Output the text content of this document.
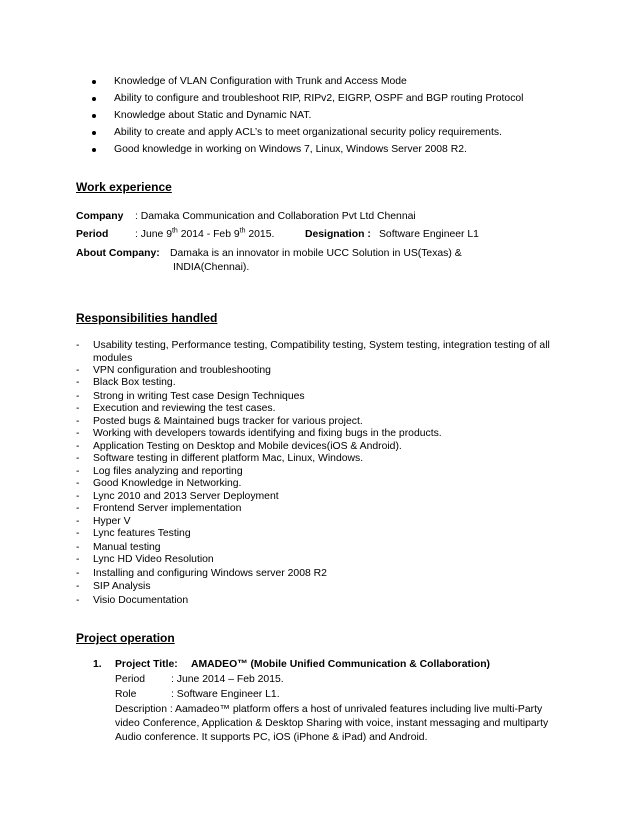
Knowledge of VLAN Configuration with Trunk and Access Mode
Ability to configure and troubleshoot RIP, RIPv2, EIGRP, OSPF and BGP routing Protocol
Knowledge about Static and Dynamic NAT.
Ability to create and apply ACL’s to meet organizational security policy requirements.
Good knowledge in working on Windows 7, Linux, Windows Server 2008 R2.
Work experience
Company : Damaka Communication and Collaboration Pvt Ltd Chennai
Period	: June 9th 2014 - Feb 9th 2015.	Designation : Software Engineer L1
About Company: Damaka is an innovator in mobile UCC Solution in US(Texas) &
INDIA(Chennai).
Responsibilities handled
- Usability testing, Performance testing, Compatibility testing, System testing, integration testing of all modules
- VPN configuration and troubleshooting
- Black Box testing.
- Strong in writing Test case Design Techniques
- Execution and reviewing the test cases.
- Posted bugs & Maintained bugs tracker for various project.
- Working with developers towards identifying and fixing bugs in the products.
- Application Testing on Desktop and Mobile devices(iOS & Android).
- Software testing in different platform Mac, Linux, Windows.
- Log files analyzing and reporting
- Good Knowledge in Networking.
- Lync 2010 and 2013 Server Deployment
- Frontend Server implementation
- Hyper V
- Lync features Testing
- Manual testing
- Lync HD Video Resolution
- Installing and configuring Windows server 2008 R2
- SIP Analysis
- Visio Documentation
Project operation
1. Project Title: AMADEO™ (Mobile Unified Communication & Collaboration)
Period : June 2014 – Feb 2015.
Role	: Software Engineer L1.
Description : Aamadeo™ platform offers a host of unrivaled features including live multi-Party
video Conference, Application & Desktop Sharing with voice, instant messaging and multiparty
Audio conference. It supports PC, iOS (iPhone & iPad) and Android.
